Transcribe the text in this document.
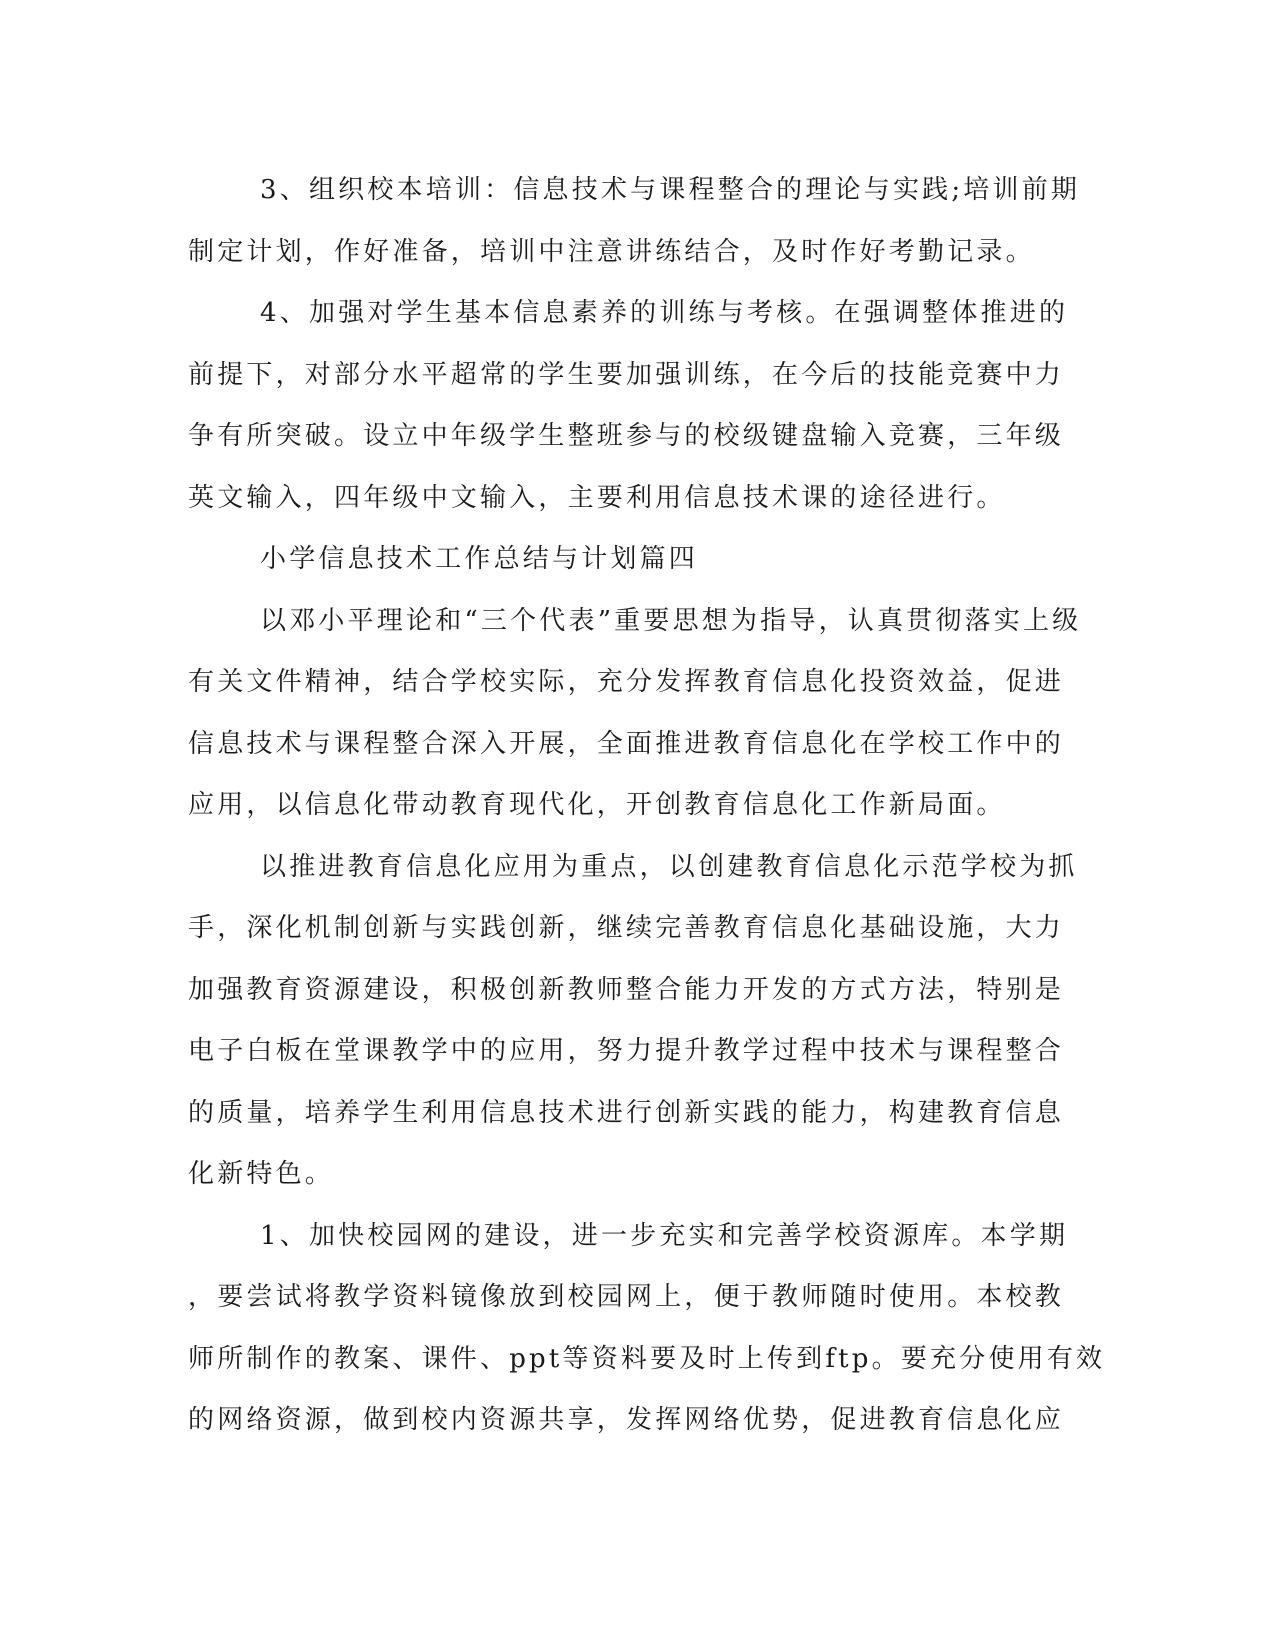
3、组织校本培训：信息技术与课程整合的理论与实践;培训前期
制定计划，作好准备，培训中注意讲练结合，及时作好考勤记录。
4、加强对学生基本信息素养的训练与考核。在强调整体推进的
前提下，对部分水平超常的学生要加强训练，在今后的技能竞赛中力
争有所突破。设立中年级学生整班参与的校级键盘输入竞赛，三年级
英文输入，四年级中文输入，主要利用信息技术课的途径进行。
小学信息技术工作总结与计划篇四
以邓小平理论和“三个代表”重要思想为指导，认真贯彻落实上级
有关文件精神，结合学校实际，充分发挥教育信息化投资效益，促进
信息技术与课程整合深入开展，全面推进教育信息化在学校工作中的
应用，以信息化带动教育现代化，开创教育信息化工作新局面。
以推进教育信息化应用为重点，以创建教育信息化示范学校为抓
手，深化机制创新与实践创新，继续完善教育信息化基础设施，大力
加强教育资源建设，积极创新教师整合能力开发的方式方法，特别是
电子白板在堂课教学中的应用，努力提升教学过程中技术与课程整合
的质量，培养学生利用信息技术进行创新实践的能力，构建教育信息
化新特色。
1、加快校园网的建设，进一步充实和完善学校资源库。本学期
，要尝试将教学资料镜像放到校园网上，便于教师随时使用。本校教
师所制作的教案、课件、ppt等资料要及时上传到ftp。要充分使用有效
的网络资源，做到校内资源共享，发挥网络优势，促进教育信息化应
